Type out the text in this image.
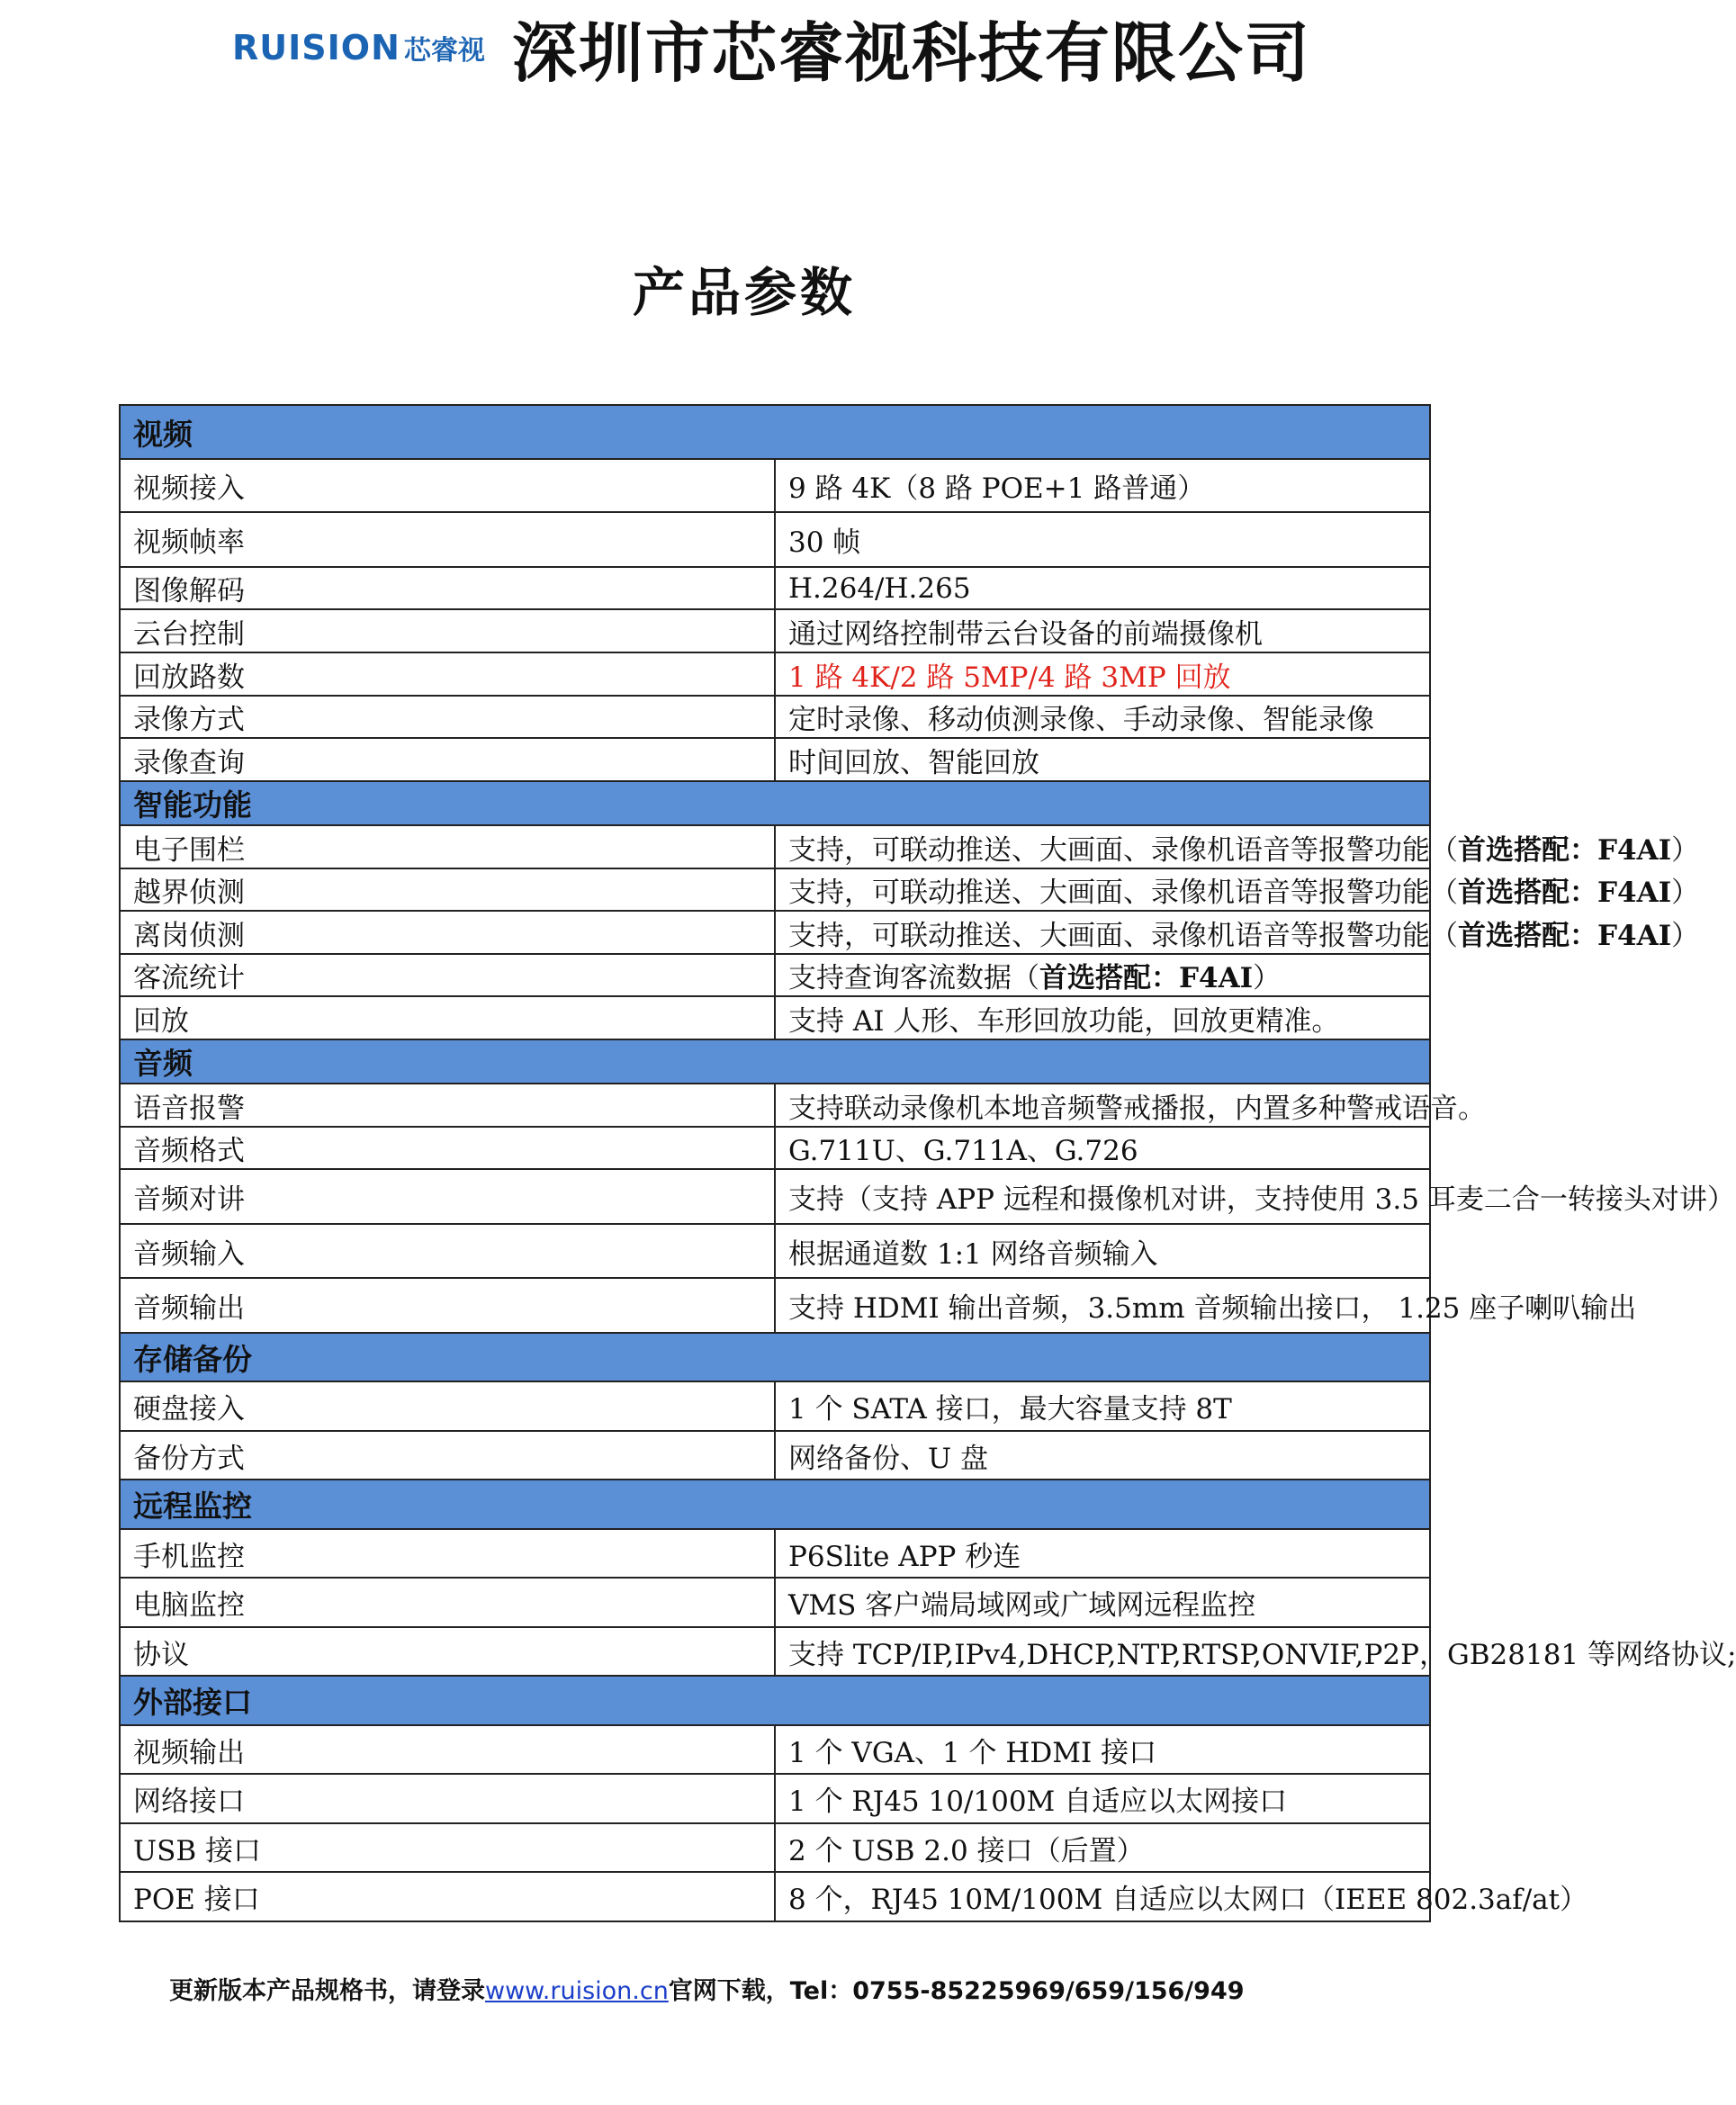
RUISION 芯睿视 深圳市芯睿视科技有限公司
产品参数
视频	
视频接入	9 路 4K（8 路 POE+1 路普通）
视频帧率	30 帧
图像解码	H.264/H.265
云台控制	通过网络控制带云台设备的前端摄像机
回放路数	1 路 4K/2 路 5MP/4 路 3MP 回放
录像方式	定时录像、移动侦测录像、手动录像、智能录像
录像查询	时间回放、智能回放
智能功能	
电子围栏	支持，可联动推送、大画面、录像机语音等报警功能（首选搭配：F4AI）
越界侦测	支持，可联动推送、大画面、录像机语音等报警功能（首选搭配：F4AI）
离岗侦测	支持，可联动推送、大画面、录像机语音等报警功能（首选搭配：F4AI）
客流统计	支持查询客流数据（首选搭配：F4AI）
回放	支持 AI 人形、车形回放功能，回放更精准。
音频	
语音报警	支持联动录像机本地音频警戒播报，内置多种警戒语音。
音频格式	G.711U、G.711A、G.726
音频对讲	支持（支持 APP 远程和摄像机对讲，支持使用 3.5 耳麦二合一转接头对讲）
音频输入	根据通道数 1:1 网络音频输入
音频输出	支持 HDMI 输出音频，3.5mm 音频输出接口， 1.25 座子喇叭输出
存储备份	
硬盘接入	1 个 SATA 接口，最大容量支持 8T
备份方式	网络备份、U 盘
远程监控	
手机监控	P6Slite APP 秒连
电脑监控	VMS 客户端局域网或广域网远程监控
协议	支持 TCP/IP,IPv4,DHCP,NTP,RTSP,ONVIF,P2P，GB28181 等网络协议;
外部接口	
视频输出	1 个 VGA、1 个 HDMI 接口
网络接口	1 个 RJ45 10/100M 自适应以太网接口
USB 接口	2 个 USB 2.0 接口（后置）
POE 接口	8 个，RJ45 10M/100M 自适应以太网口（IEEE 802.3af/at）
更新版本产品规格书，请登录www.ruision.cn官网下载，Tel：0755-85225969/659/156/949
